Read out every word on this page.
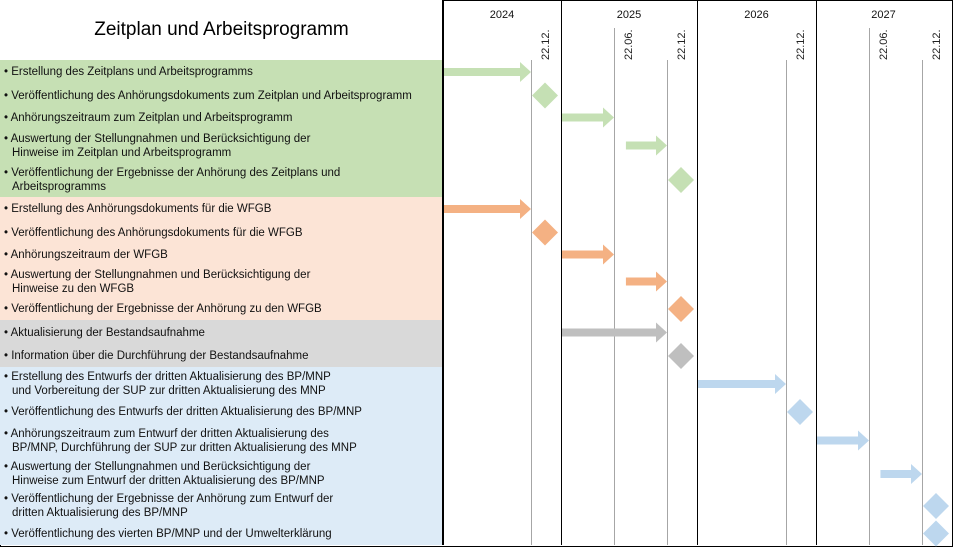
Zeitplan und Arbeitsprogramm
• Erstellung des Zeitplans und Arbeitsprogramms
• Veröffentlichung des Anhörungsdokuments zum Zeitplan und Arbeitsprogramm
• Anhörungszeitraum zum Zeitplan und Arbeitsprogramm
• Auswertung der Stellungnahmen und Berücksichtigung der
Hinweise im Zeitplan und Arbeitsprogramm
• Veröffentlichung der Ergebnisse der Anhörung des Zeitplans und
Arbeitsprogramms
• Erstellung des Anhörungsdokuments für die WFGB
• Veröffentlichung des Anhörungsdokuments für die WFGB
• Anhörungszeitraum der WFGB
• Auswertung der Stellungnahmen und Berücksichtigung der
Hinweise zu den WFGB
• Veröffentlichung der Ergebnisse der Anhörung zu den WFGB
• Aktualisierung der Bestandsaufnahme
• Information über die Durchführung der Bestandsaufnahme
• Erstellung des Entwurfs der dritten Aktualisierung des BP/MNP
und Vorbereitung der SUP zur dritten Aktualisierung des MNP
• Veröffentlichung des Entwurfs der dritten Aktualisierung des BP/MNP
• Anhörungszeitraum zum Entwurf der dritten Aktualisierung des
BP/MNP, Durchführung der SUP zur dritten Aktualisierung des MNP
• Auswertung der Stellungnahmen und Berücksichtigung der
Hinweise zum Entwurf der dritten Aktualisierung des BP/MNP
• Veröffentlichung der Ergebnisse der Anhörung zum Entwurf der
dritten Aktualisierung des BP/MNP
• Veröffentlichung des vierten BP/MNP und der Umwelterklärung
2024	2025	2026	2027
22.12.	22.06.	22.12.	22.12.	22.06.	22.12.
